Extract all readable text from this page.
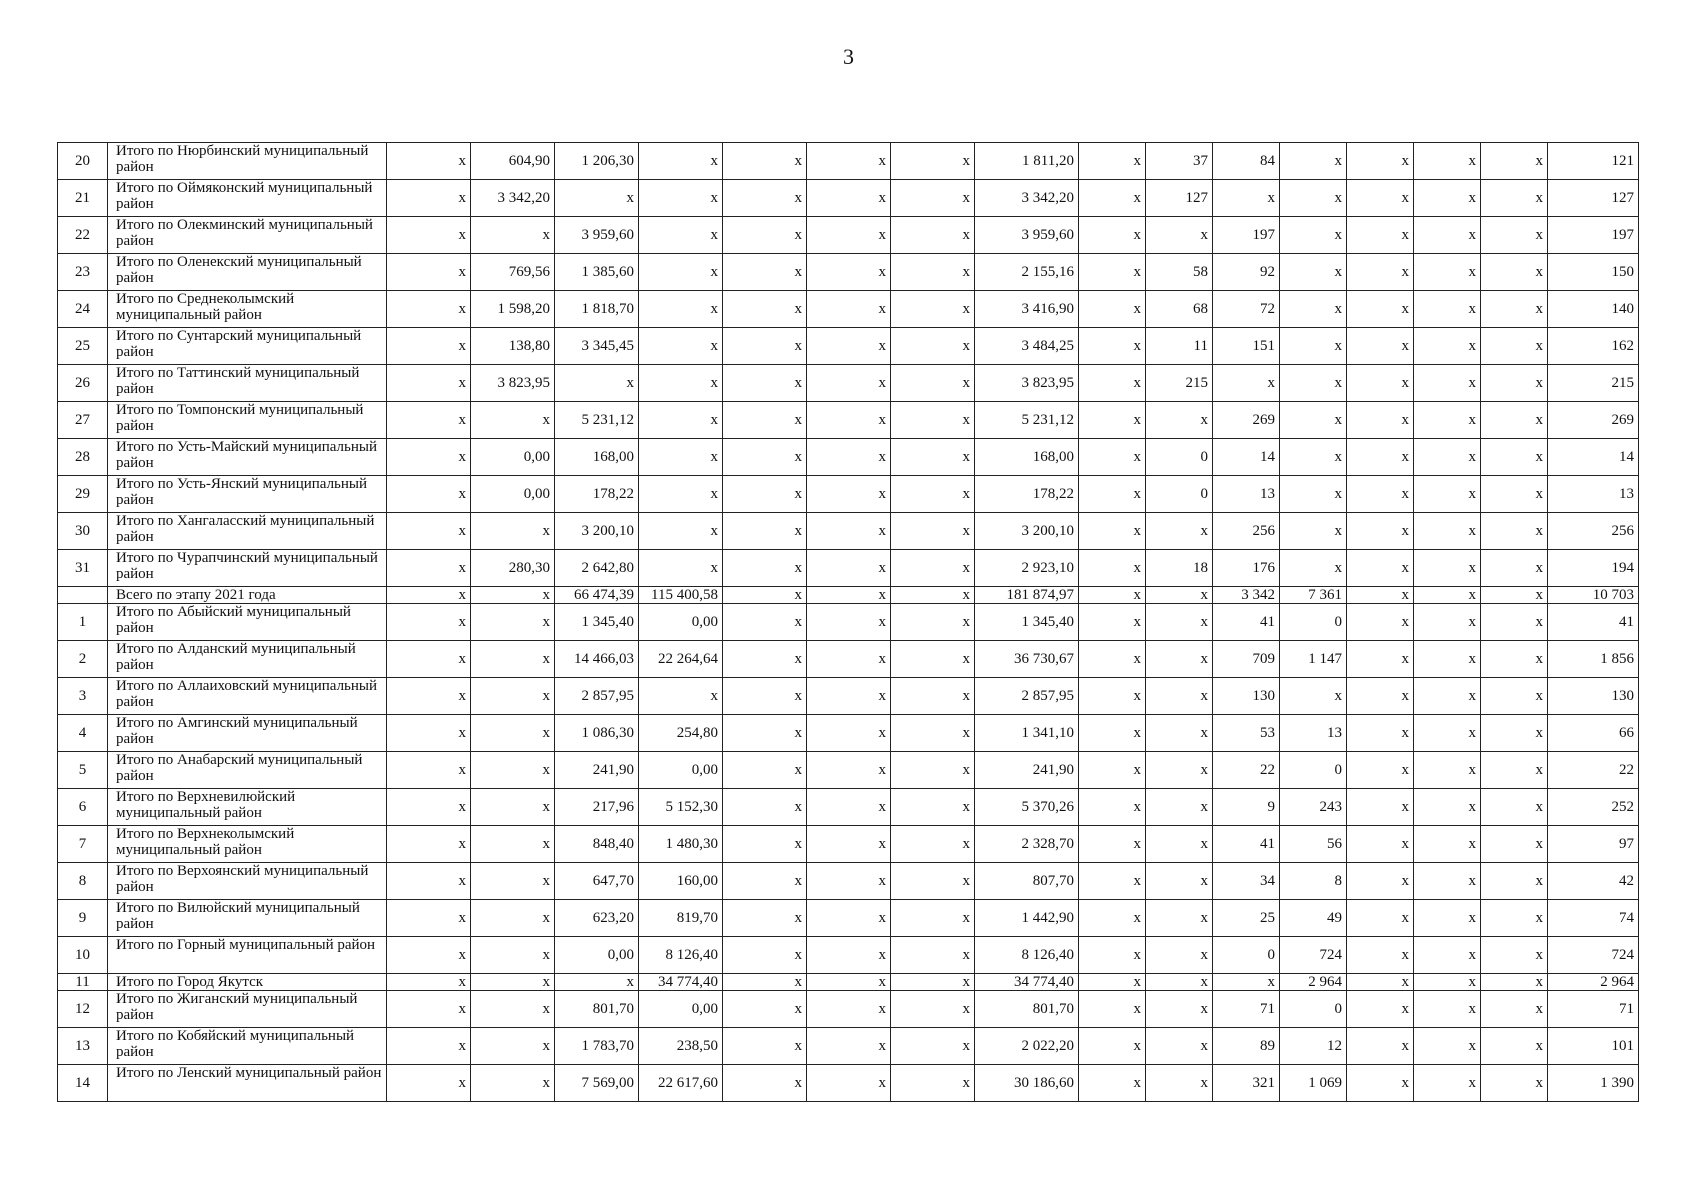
3
20	Итого по Нюрбинский муниципальный район	x	604,90	1 206,30	x	x	x	x	1 811,20	x	37	84	x	x	x	x	121
21	Итого по Оймяконский муниципальный район	x	3 342,20	x	x	x	x	x	3 342,20	x	127	x	x	x	x	x	127
22	Итого по Олекминский муниципальный район	x	x	3 959,60	x	x	x	x	3 959,60	x	x	197	x	x	x	x	197
23	Итого по Оленекский муниципальный район	x	769,56	1 385,60	x	x	x	x	2 155,16	x	58	92	x	x	x	x	150
24	Итого по Среднеколымский муниципальный район	x	1 598,20	1 818,70	x	x	x	x	3 416,90	x	68	72	x	x	x	x	140
25	Итого по Сунтарский муниципальный район	x	138,80	3 345,45	x	x	x	x	3 484,25	x	11	151	x	x	x	x	162
26	Итого по Таттинский муниципальный район	x	3 823,95	x	x	x	x	x	3 823,95	x	215	x	x	x	x	x	215
27	Итого по Томпонский муниципальный район	x	x	5 231,12	x	x	x	x	5 231,12	x	x	269	x	x	x	x	269
28	Итого по Усть-Майский муниципальный район	x	0,00	168,00	x	x	x	x	168,00	x	0	14	x	x	x	x	14
29	Итого по Усть-Янский муниципальный район	x	0,00	178,22	x	x	x	x	178,22	x	0	13	x	x	x	x	13
30	Итого по Хангаласский муниципальный район	x	x	3 200,10	x	x	x	x	3 200,10	x	x	256	x	x	x	x	256
31	Итого по Чурапчинский муниципальный район	x	280,30	2 642,80	x	x	x	x	2 923,10	x	18	176	x	x	x	x	194
	Всего по этапу 2021 года	x	x	66 474,39	115 400,58	x	x	x	181 874,97	x	x	3 342	7 361	x	x	x	10 703
1	Итого по Абыйский муниципальный район	x	x	1 345,40	0,00	x	x	x	1 345,40	x	x	41	0	x	x	x	41
2	Итого по Алданский муниципальный район	x	x	14 466,03	22 264,64	x	x	x	36 730,67	x	x	709	1 147	x	x	x	1 856
3	Итого по Аллаиховский муниципальный район	x	x	2 857,95	x	x	x	x	2 857,95	x	x	130	x	x	x	x	130
4	Итого по Амгинский муниципальный район	x	x	1 086,30	254,80	x	x	x	1 341,10	x	x	53	13	x	x	x	66
5	Итого по Анабарский муниципальный район	x	x	241,90	0,00	x	x	x	241,90	x	x	22	0	x	x	x	22
6	Итого по Верхневилюйский муниципальный район	x	x	217,96	5 152,30	x	x	x	5 370,26	x	x	9	243	x	x	x	252
7	Итого по Верхнеколымский муниципальный район	x	x	848,40	1 480,30	x	x	x	2 328,70	x	x	41	56	x	x	x	97
8	Итого по Верхоянский муниципальный район	x	x	647,70	160,00	x	x	x	807,70	x	x	34	8	x	x	x	42
9	Итого по Вилюйский муниципальный район	x	x	623,20	819,70	x	x	x	1 442,90	x	x	25	49	x	x	x	74
10	Итого по Горный муниципальный район	x	x	0,00	8 126,40	x	x	x	8 126,40	x	x	0	724	x	x	x	724
11	Итого по Город Якутск	x	x	x	34 774,40	x	x	x	34 774,40	x	x	x	2 964	x	x	x	2 964
12	Итого по Жиганский муниципальный район	x	x	801,70	0,00	x	x	x	801,70	x	x	71	0	x	x	x	71
13	Итого по Кобяйский муниципальный район	x	x	1 783,70	238,50	x	x	x	2 022,20	x	x	89	12	x	x	x	101
14	Итого по Ленский муниципальный район	x	x	7 569,00	22 617,60	x	x	x	30 186,60	x	x	321	1 069	x	x	x	1 390
